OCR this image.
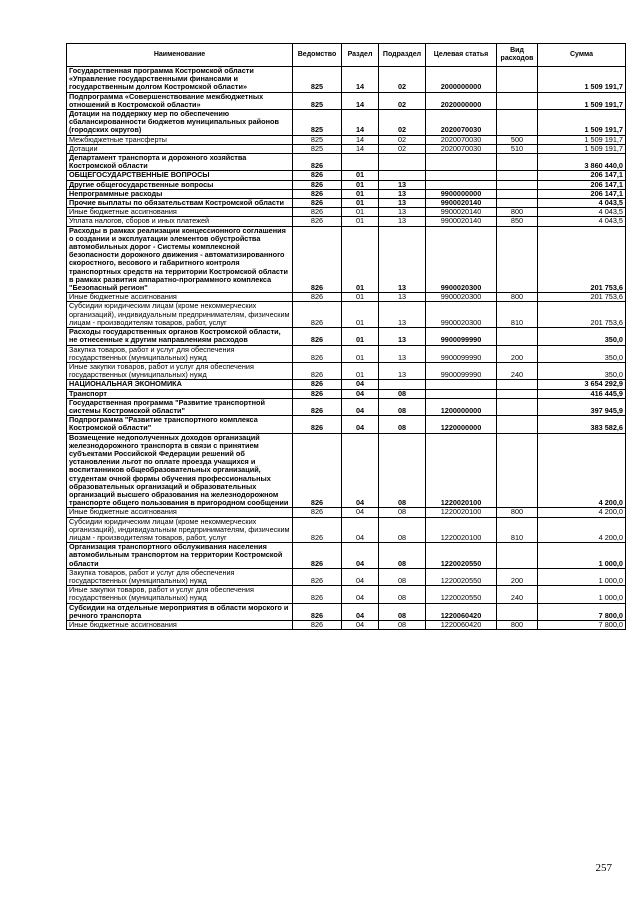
Наименование	Ведомство	Раздел	Подраздел	Целевая статья	Вид расходов	Сумма
Государственная программа Костромской области «Управление государственными финансами и государственным долгом Костромской области»	825	14	02	2000000000		1 509 191,7
Подпрограмма «Совершенствование межбюджетных отношений в Костромской области»	825	14	02	2020000000		1 509 191,7
Дотации на поддержку мер по обеспечению сбалансированности бюджетов муниципальных районов (городских округов)	825	14	02	2020070030		1 509 191,7
Межбюджетные трансферты	825	14	02	2020070030	500	1 509 191,7
Дотации	825	14	02	2020070030	510	1 509 191,7
Департамент транспорта и дорожного хозяйства Костромской области	826					3 860 440,0
ОБЩЕГОСУДАРСТВЕННЫЕ ВОПРОСЫ	826	01				206 147,1
Другие общегосударственные вопросы	826	01	13			206 147,1
Непрограммные расходы	826	01	13	9900000000		206 147,1
Прочие выплаты по обязательствам Костромской области	826	01	13	9900020140		4 043,5
Иные бюджетные ассигнования	826	01	13	9900020140	800	4 043,5
Уплата налогов, сборов и иных платежей	826	01	13	9900020140	850	4 043,5
Расходы в рамках реализации концессионного соглашения о создании и эксплуатации элементов обустройства автомобильных дорог - Системы комплексной безопасности дорожного движения - автоматизированного скоростного, весового и габаритного контроля транспортных средств на территории Костромской области в рамках развития аппаратно-программного комплекса "Безопасный регион"	826	01	13	9900020300		201 753,6
Иные бюджетные ассигнования	826	01	13	9900020300	800	201 753,6
Субсидии юридическим лицам (кроме некоммерческих организаций), индивидуальным предпринимателям, физическим лицам - производителям товаров, работ, услуг	826	01	13	9900020300	810	201 753,6
Расходы государственных органов Костромской области, не отнесенные к другим направлениям расходов	826	01	13	9900099990		350,0
Закупка товаров, работ и услуг для обеспечения государственных (муниципальных) нужд	826	01	13	9900099990	200	350,0
Иные закупки товаров, работ и услуг для обеспечения государственных (муниципальных) нужд	826	01	13	9900099990	240	350,0
НАЦИОНАЛЬНАЯ ЭКОНОМИКА	826	04				3 654 292,9
Транспорт	826	04	08			416 445,9
Государственная программа "Развитие транспортной системы Костромской области"	826	04	08	1200000000		397 945,9
Подпрограмма "Развитие транспортного комплекса Костромской области"	826	04	08	1220000000		383 582,6
Возмещение недополученных доходов организаций железнодорожного транспорта в связи с принятием субъектами Российской Федерации решений об установлении льгот по оплате проезда учащихся и воспитанников общеобразовательных организаций, студентам очной формы обучения профессиональных образовательных организаций и образовательных организаций высшего образования на железнодорожном транспорте общего пользования в пригородном сообщении	826	04	08	1220020100		4 200,0
Иные бюджетные ассигнования	826	04	08	1220020100	800	4 200,0
Субсидии юридическим лицам (кроме некоммерческих организаций), индивидуальным предпринимателям, физическим лицам - производителям товаров, работ, услуг	826	04	08	1220020100	810	4 200,0
Организация транспортного обслуживания населения автомобильным транспортом на территории Костромской области	826	04	08	1220020550		1 000,0
Закупка товаров, работ и услуг для обеспечения государственных (муниципальных) нужд	826	04	08	1220020550	200	1 000,0
Иные закупки товаров, работ и услуг для обеспечения государственных (муниципальных) нужд	826	04	08	1220020550	240	1 000,0
Субсидии на отдельные мероприятия в области морского и речного транспорта	826	04	08	1220060420		7 800,0
Иные бюджетные ассигнования	826	04	08	1220060420	800	7 800,0
257
